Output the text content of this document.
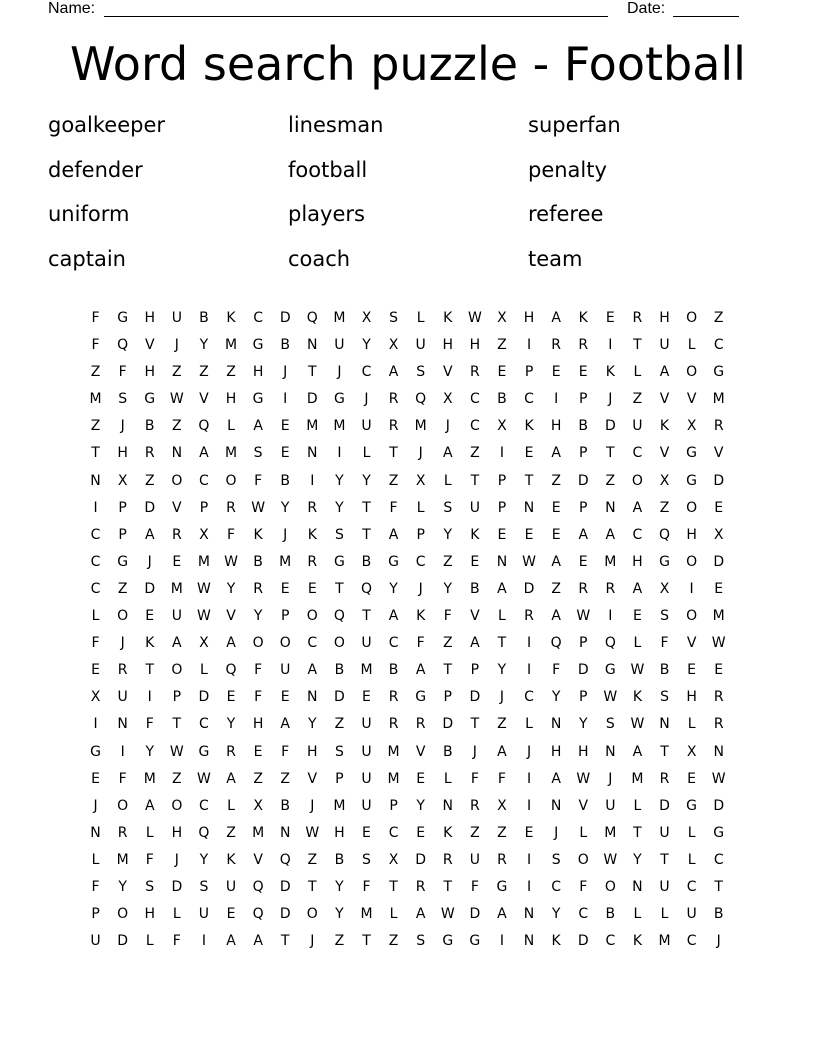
Name:	Date:
Word search puzzle - Football
goalkeeper	linesman	superfan
defender	football	penalty
uniform	players	referee
captain	coach	team
F	G	H	U	B	K	C	D	Q	M	X	S	L	K	W	X	H	A	K	E	R	H	O	Z
F	Q	V	J	Y	M	G	B	N	U	Y	X	U	H	H	Z	I	R	R	I	T	U	L	C
Z	F	H	Z	Z	Z	H	J	T	J	C	A	S	V	R	E	P	E	E	K	L	A	O	G
M	S	G	W	V	H	G	I	D	G	J	R	Q	X	C	B	C	I	P	J	Z	V	V	M
Z	J	B	Z	Q	L	A	E	M	M	U	R	M	J	C	X	K	H	B	D	U	K	X	R
T	H	R	N	A	M	S	E	N	I	L	T	J	A	Z	I	E	A	P	T	C	V	G	V
N	X	Z	O	C	O	F	B	I	Y	Y	Z	X	L	T	P	T	Z	D	Z	O	X	G	D
I	P	D	V	P	R	W	Y	R	Y	T	F	L	S	U	P	N	E	P	N	A	Z	O	E
C	P	A	R	X	F	K	J	K	S	T	A	P	Y	K	E	E	E	A	A	C	Q	H	X
C	G	J	E	M	W	B	M	R	G	B	G	C	Z	E	N	W	A	E	M	H	G	O	D
C	Z	D	M	W	Y	R	E	E	T	Q	Y	J	Y	B	A	D	Z	R	R	A	X	I	E
L	O	E	U	W	V	Y	P	O	Q	T	A	K	F	V	L	R	A	W	I	E	S	O	M
F	J	K	A	X	A	O	O	C	O	U	C	F	Z	A	T	I	Q	P	Q	L	F	V	W
E	R	T	O	L	Q	F	U	A	B	M	B	A	T	P	Y	I	F	D	G	W	B	E	E
X	U	I	P	D	E	F	E	N	D	E	R	G	P	D	J	C	Y	P	W	K	S	H	R
I	N	F	T	C	Y	H	A	Y	Z	U	R	R	D	T	Z	L	N	Y	S	W	N	L	R
G	I	Y	W	G	R	E	F	H	S	U	M	V	B	J	A	J	H	H	N	A	T	X	N
E	F	M	Z	W	A	Z	Z	V	P	U	M	E	L	F	F	I	A	W	J	M	R	E	W
J	O	A	O	C	L	X	B	J	M	U	P	Y	N	R	X	I	N	V	U	L	D	G	D
N	R	L	H	Q	Z	M	N	W	H	E	C	E	K	Z	Z	E	J	L	M	T	U	L	G
L	M	F	J	Y	K	V	Q	Z	B	S	X	D	R	U	R	I	S	O	W	Y	T	L	C
F	Y	S	D	S	U	Q	D	T	Y	F	T	R	T	F	G	I	C	F	O	N	U	C	T
P	O	H	L	U	E	Q	D	O	Y	M	L	A	W	D	A	N	Y	C	B	L	L	U	B
U	D	L	F	I	A	A	T	J	Z	T	Z	S	G	G	I	N	K	D	C	K	M	C	J
